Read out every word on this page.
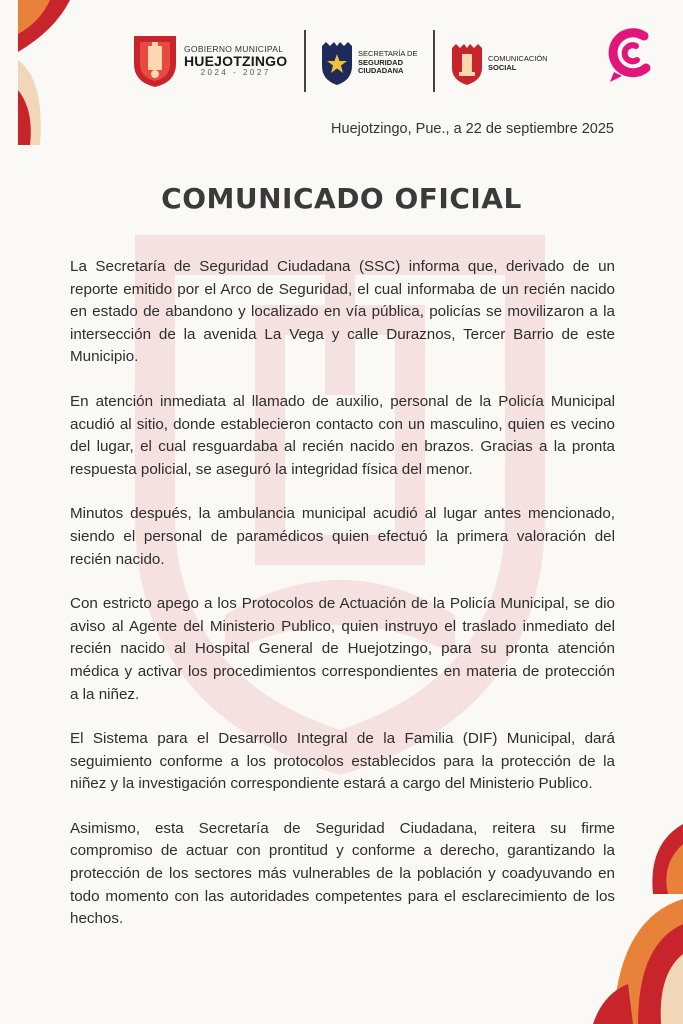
GOBIERNO MUNICIPAL
HUEJOTZINGO
2024 - 2027
SECRETARÍA DE
SEGURIDAD
CIUDADANA
COMUNICACIÓN
SOCIAL
Huejotzingo, Pue., a 22 de septiembre 2025
COMUNICADO OFICIAL

La Secretaría de Seguridad Ciudadana (SSC) informa que, derivado de un reporte emitido por el Arco de Seguridad, el cual informaba de un recién nacido en estado de abandono y localizado en vía pública, policías se movilizaron a la intersección de la avenida La Vega y calle Duraznos, Tercer Barrio de este Municipio.

En atención inmediata al llamado de auxilio, personal de la Policía Municipal acudió al sitio, donde establecieron contacto con un masculino, quien es vecino del lugar, el cual resguardaba al recién nacido en brazos. Gracias a la pronta respuesta policial, se aseguró la integridad física del menor.

Minutos después, la ambulancia municipal acudió al lugar antes mencionado, siendo el personal de paramédicos quien efectuó la primera valoración del recién nacido.

Con estricto apego a los Protocolos de Actuación de la Policía Municipal, se dio aviso al Agente del Ministerio Publico, quien instruyo el traslado inmediato del recién nacido al Hospital General de Huejotzingo, para su pronta atención médica y activar los procedimientos correspondientes en materia de protección a la niñez.

El Sistema para el Desarrollo Integral de la Familia (DIF) Municipal, dará seguimiento conforme a los protocolos establecidos para la protección de la niñez y la investigación correspondiente estará a cargo del Ministerio Publico.

Asimismo, esta Secretaría de Seguridad Ciudadana, reitera su firme compromiso de actuar con prontitud y conforme a derecho, garantizando la protección de los sectores más vulnerables de la población y coadyuvando en todo momento con las autoridades competentes para el esclarecimiento de los hechos.
